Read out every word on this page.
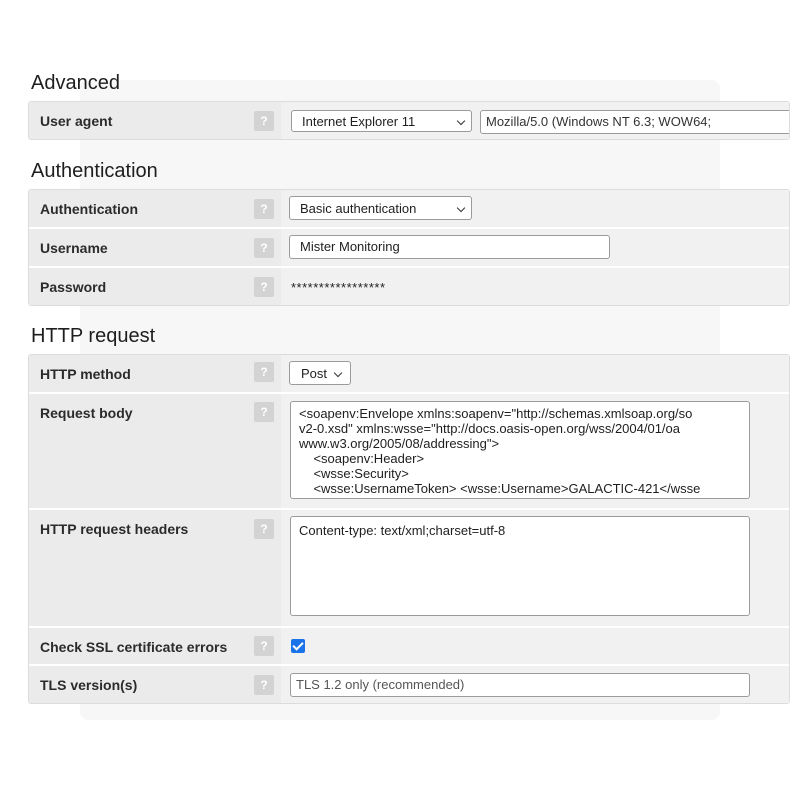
Advanced
User agent	?	Internet Explorer 11	Mozilla/5.0 (Windows NT 6.3; WOW64;
Authentication
Authentication	?	Basic authentication
Username	?	Mister Monitoring
Password	?	*****************
HTTP request
HTTP method	?	Post
Request body	?	<soapenv:Envelope xmlns:soapenv="http://schemas.xmlsoap.org/so
v2-0.xsd" xmlns:wsse="http://docs.oasis-open.org/wss/2004/01/oa
www.w3.org/2005/08/addressing">
<soapenv:Header>
<wsse:Security>
<wsse:UsernameToken> <wsse:Username>GALACTIC-421</wsse
HTTP request headers	?	Content-type: text/xml;charset=utf-8
Check SSL certificate errors	?
TLS version(s)	?	TLS 1.2 only (recommended)
